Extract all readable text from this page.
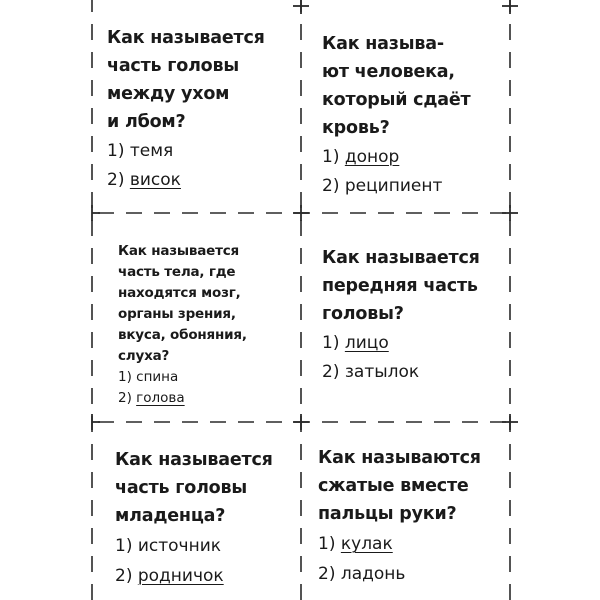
Как называется
часть головы
между ухом
и лбом?

1) темя

2) висок

Как называ-
ют человека,
который сдаёт
кровь?

1) донор

2) реципиент

Как называется
часть тела, где
находятся мозг,
органы зрения,
вкуса, обоняния,
слуха?

1) спина

2) голова

Как называется
передняя часть
головы?

1) лицо

2) затылок

Как называется
часть головы
младенца?

1) источник

2) родничок

Как называются
сжатые вместе
пальцы руки?

1) кулак

2) ладонь
